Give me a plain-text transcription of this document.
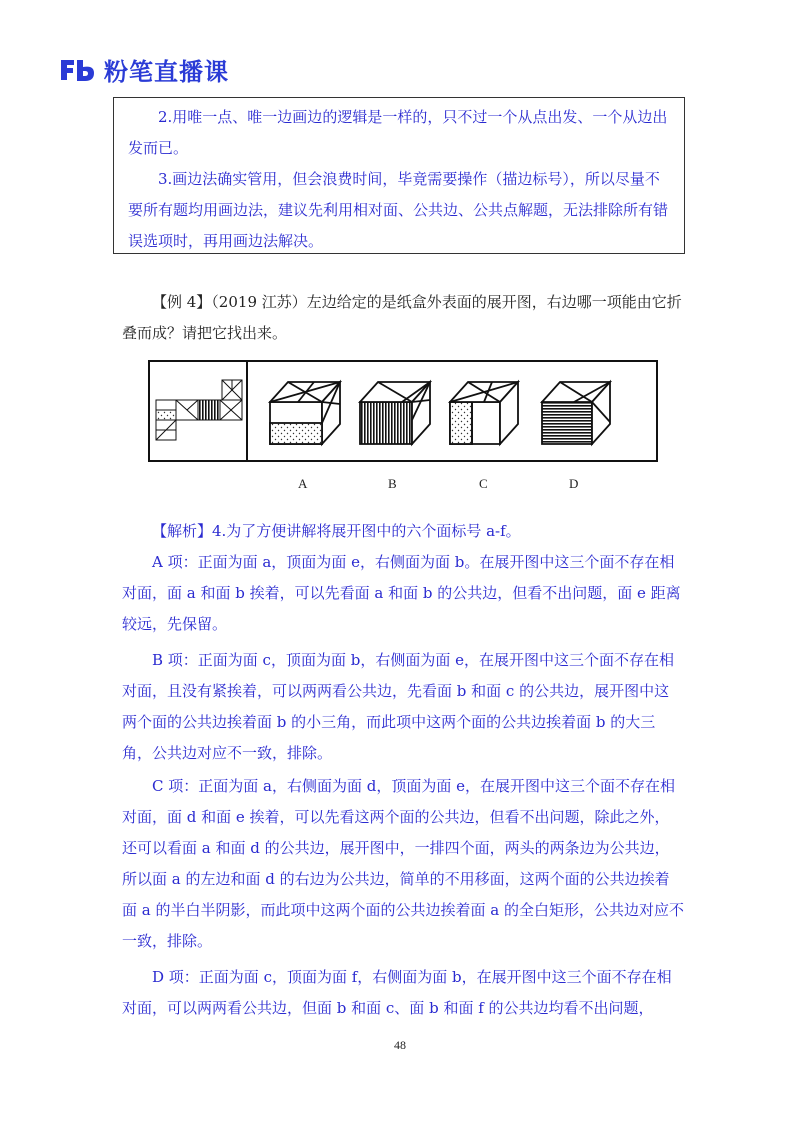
粉笔直播课

2.用唯一点、唯一边画边的逻辑是一样的，只不过一个从点出发、一个从边出发而已。

3.画边法确实管用，但会浪费时间，毕竟需要操作（描边标号），所以尽量不要所有题均用画边法，建议先利用相对面、公共边、公共点解题，无法排除所有错误选项时，再用画边法解决。

【例 4】（2019 江苏）左边给定的是纸盒外表面的展开图，右边哪一项能由它折叠而成？请把它找出来。

A	B	C	D

【解析】4.为了方便讲解将展开图中的六个面标号 a-f。

A 项：正面为面 a，顶面为面 e，右侧面为面 b。在展开图中这三个面不存在相对面，面 a 和面 b 挨着，可以先看面 a 和面 b 的公共边，但看不出问题，面 e 距离较远，先保留。

B 项：正面为面 c，顶面为面 b，右侧面为面 e，在展开图中这三个面不存在相对面，且没有紧挨着，可以两两看公共边，先看面 b 和面 c 的公共边，展开图中这两个面的公共边挨着面 b 的小三角，而此项中这两个面的公共边挨着面 b 的大三角，公共边对应不一致，排除。

C 项：正面为面 a，右侧面为面 d，顶面为面 e，在展开图中这三个面不存在相对面，面 d 和面 e 挨着，可以先看这两个面的公共边，但看不出问题，除此之外，还可以看面 a 和面 d 的公共边，展开图中，一排四个面，两头的两条边为公共边，所以面 a 的左边和面 d 的右边为公共边，简单的不用移面，这两个面的公共边挨着面 a 的半白半阴影，而此项中这两个面的公共边挨着面 a 的全白矩形，公共边对应不一致，排除。

D 项：正面为面 c，顶面为面 f，右侧面为面 b，在展开图中这三个面不存在相对面，可以两两看公共边，但面 b 和面 c、面 b 和面 f 的公共边均看不出问题，

48
